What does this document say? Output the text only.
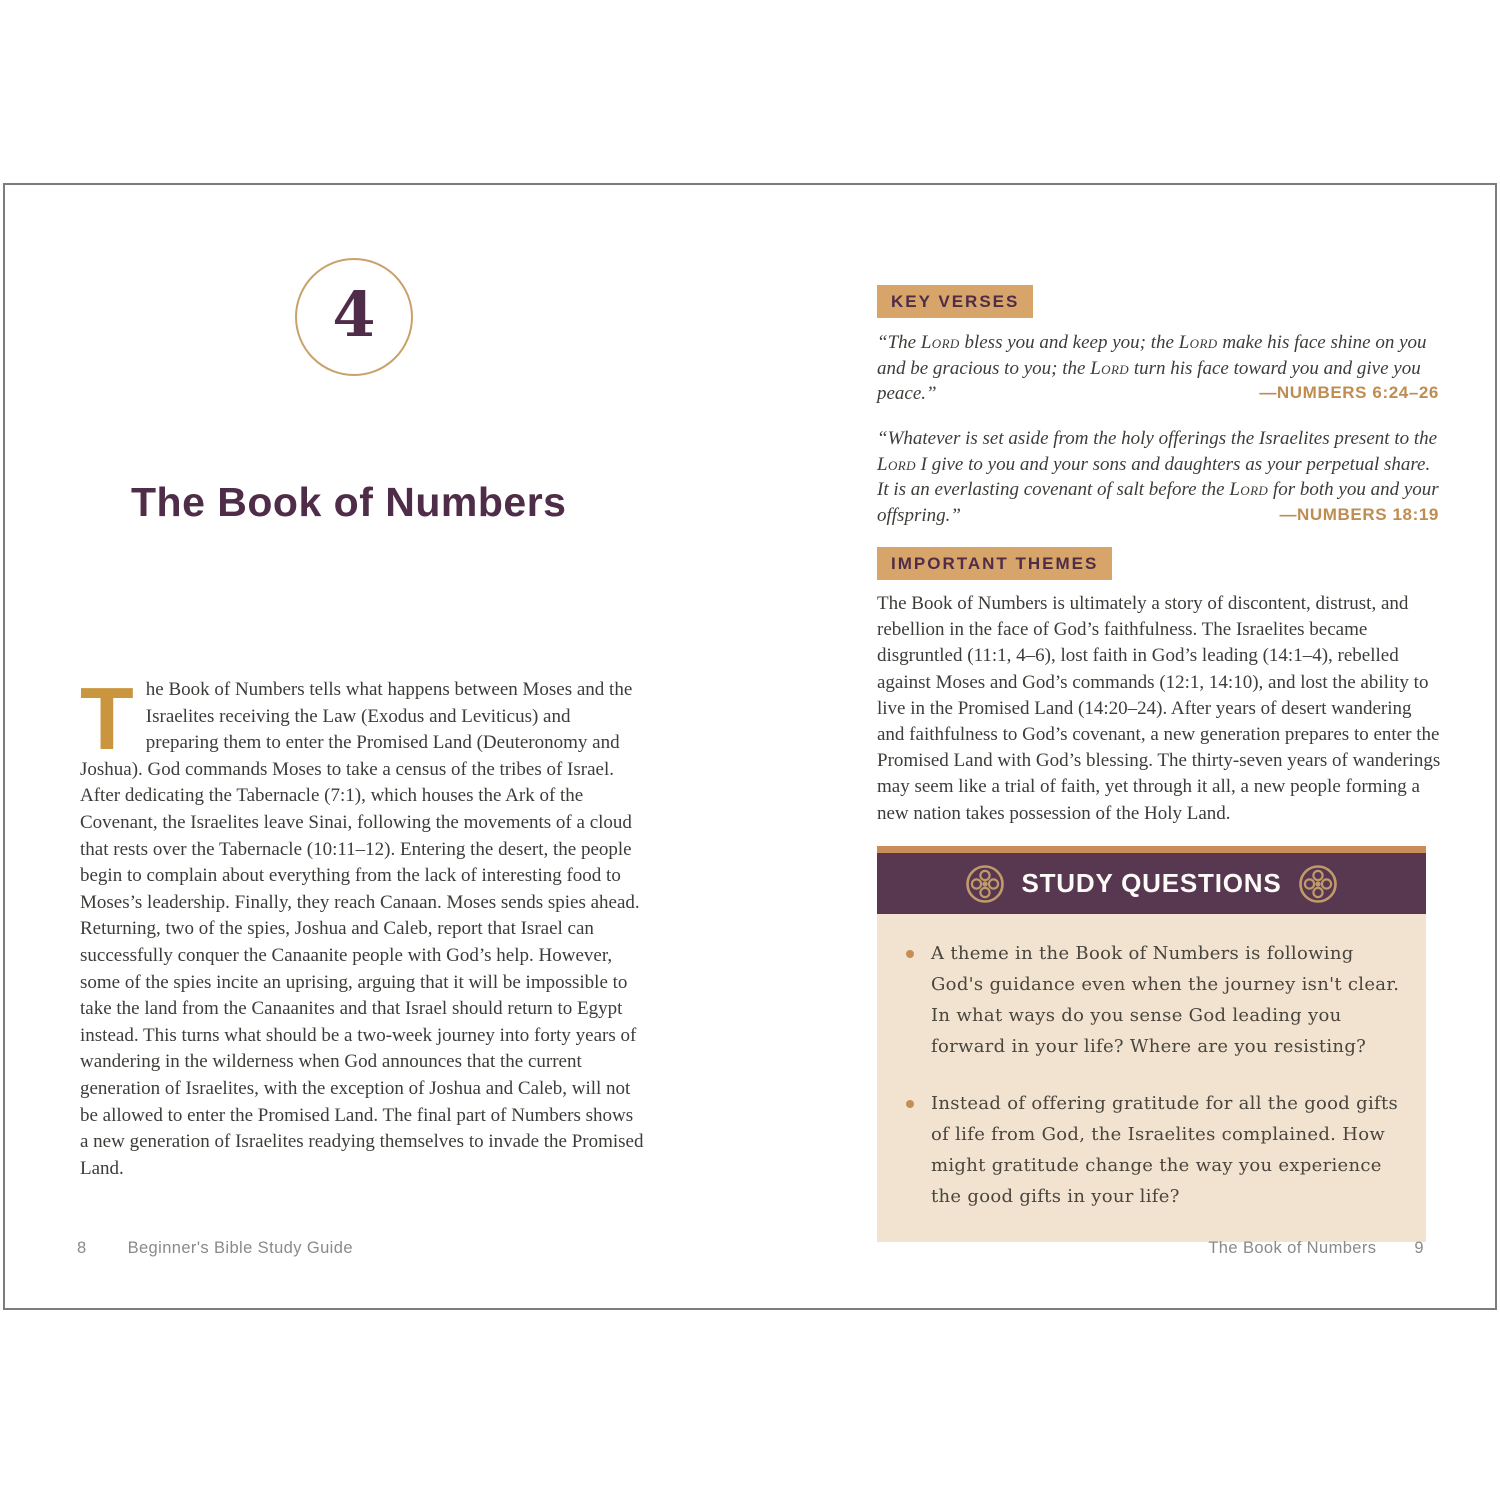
4
The Book of Numbers
The Book of Numbers tells what happens between Moses and the Israelites receiving the Law (Exodus and Leviticus) and preparing them to enter the Promised Land (Deuteronomy and Joshua). God commands Moses to take a census of the tribes of Israel. After dedicating the Tabernacle (7:1), which houses the Ark of the Covenant, the Israelites leave Sinai, following the movements of a cloud that rests over the Tabernacle (10:11–12). Entering the desert, the people begin to complain about everything from the lack of interesting food to Moses’s leadership. Finally, they reach Canaan. Moses sends spies ahead. Returning, two of the spies, Joshua and Caleb, report that Israel can successfully conquer the Canaanite people with God’s help. However, some of the spies incite an uprising, arguing that it will be impossible to take the land from the Canaanites and that Israel should return to Egypt instead. This turns what should be a two-week journey into forty years of wandering in the wilderness when God announces that the current generation of Israelites, with the exception of Joshua and Caleb, will not be allowed to enter the Promised Land. The final part of Numbers shows a new generation of Israelites readying themselves to invade the Promised Land.
KEY VERSES
“The Lord bless you and keep you; the Lord make his face shine on you and be gracious to you; the Lord turn his face toward you and give you peace.”	—NUMBERS 6:24–26
“Whatever is set aside from the holy offerings the Israelites present to the Lord I give to you and your sons and daughters as your perpetual share. It is an everlasting covenant of salt before the Lord for both you and your offspring.”	—NUMBERS 18:19
IMPORTANT THEMES
The Book of Numbers is ultimately a story of discontent, distrust, and rebellion in the face of God’s faithfulness. The Israelites became disgruntled (11:1, 4–6), lost faith in God’s leading (14:1–4), rebelled against Moses and God’s commands (12:1, 14:10), and lost the ability to live in the Promised Land (14:20–24). After years of desert wandering and faithfulness to God’s covenant, a new generation prepares to enter the Promised Land with God’s blessing. The thirty-seven years of wanderings may seem like a trial of faith, yet through it all, a new people forming a new nation takes possession of the Holy Land.
STUDY QUESTIONS
A theme in the Book of Numbers is following God's guidance even when the journey isn't clear. In what ways do you sense God leading you forward in your life? Where are you resisting?
Instead of offering gratitude for all the good gifts of life from God, the Israelites complained. How might gratitude change the way you experience the good gifts in your life?
8 Beginner's Bible Study Guide	The Book of Numbers 9
